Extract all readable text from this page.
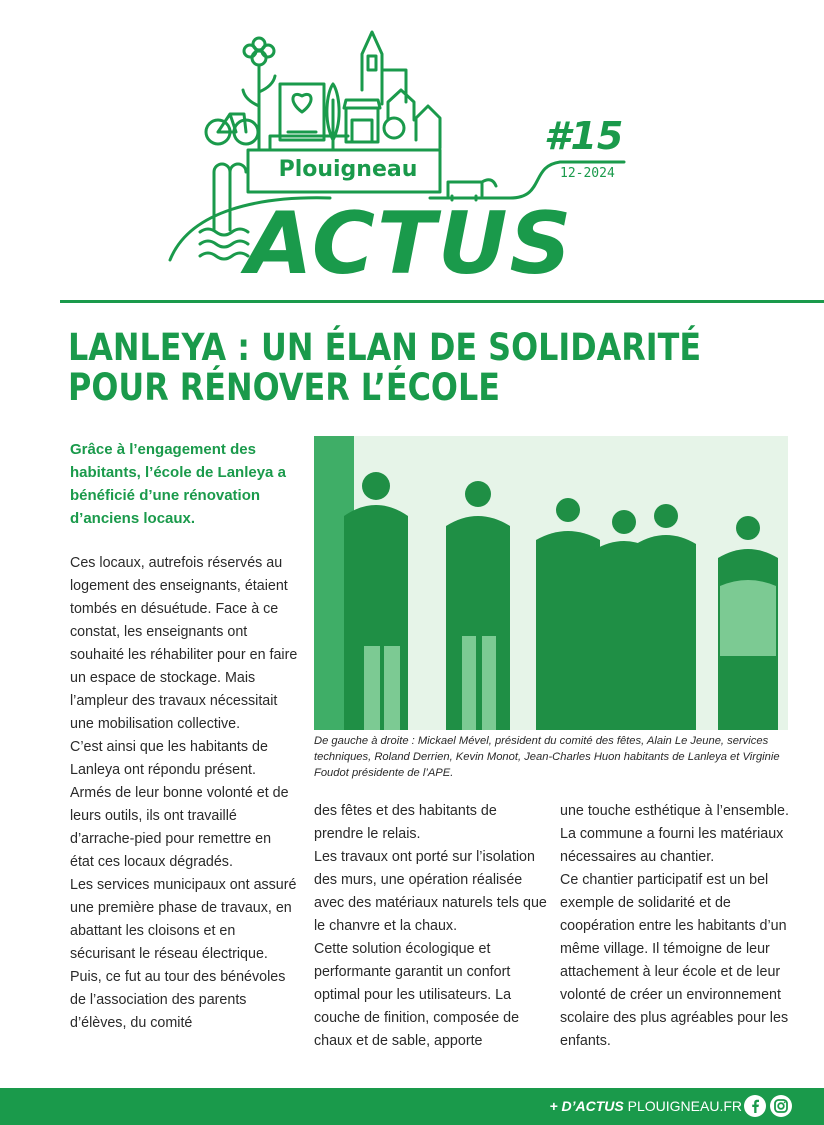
Plouigneau
ACTUS
#15
12-2024
LANLEYA : UN ÉLAN DE SOLIDARITÉ
POUR RÉNOVER L’ÉCOLE
Grâce à l’engagement des habitants, l’école de Lanleya a bénéficié d’une rénovation d’anciens locaux.

Ces locaux, autrefois réservés au logement des enseignants, étaient tombés en désuétude. Face à ce constat, les enseignants ont souhaité les réhabiliter pour en faire un espace de stockage. Mais l’ampleur des travaux nécessitait une mobilisation collective.

C’est ainsi que les habitants de Lanleya ont répondu présent. Armés de leur bonne volonté et de leurs outils, ils ont travaillé d’arrache-pied pour remettre en état ces locaux dégradés.

Les services municipaux ont assuré une première phase de travaux, en abattant les cloisons et en sécurisant le réseau électrique. Puis, ce fut au tour des bénévoles de l’association des parents d’élèves, du comité

De gauche à droite : Mickael Mével, président du comité des fêtes, Alain Le Jeune, services techniques, Roland Derrien, Kevin Monot, Jean-Charles Huon habitants de Lanleya et Virginie Foudot présidente de l’APE.

des fêtes et des habitants de prendre le relais.

Les travaux ont porté sur l’isolation des murs, une opération réalisée avec des matériaux naturels tels que le chanvre et la chaux.

Cette solution écologique et performante garantit un confort optimal pour les utilisateurs. La couche de finition, composée de chaux et de sable, apporte

une touche esthétique à l’ensemble. La commune a fourni les matériaux nécessaires au chantier.

Ce chantier participatif est un bel exemple de solidarité et de coopération entre les habitants d’un même village. Il témoigne de leur attachement à leur école et de leur volonté de créer un environnement scolaire des plus agréables pour les enfants.

+ D’ACTUS PLOUIGNEAU.FR
